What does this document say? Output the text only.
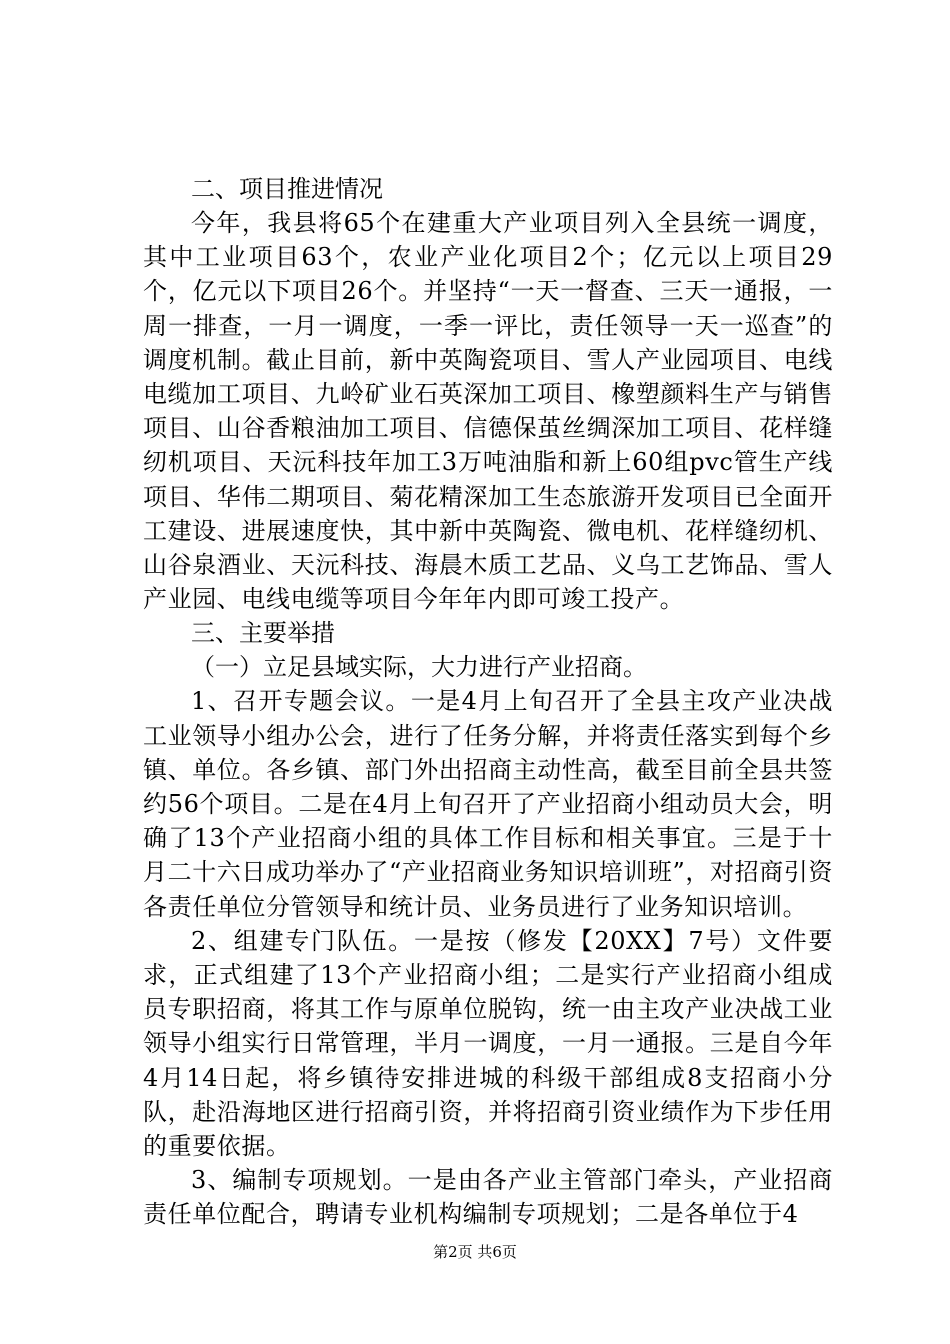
二、项目推进情况

今年，我县将65个在建重大产业项目列入全县统一调度，其中工业项目63个，农业产业化项目2个；亿元以上项目29个，亿元以下项目26个。并坚持“一天一督查、三天一通报，一周一排查，一月一调度，一季一评比，责任领导一天一巡查”的调度机制。截止目前，新中英陶瓷项目、雪人产业园项目、电线电缆加工项目、九岭矿业石英深加工项目、橡塑颜料生产与销售项目、山谷香粮油加工项目、信德保茧丝绸深加工项目、花样缝纫机项目、天沅科技年加工3万吨油脂和新上60组pvc管生产线项目、华伟二期项目、菊花精深加工生态旅游开发项目已全面开工建设、进展速度快，其中新中英陶瓷、微电机、花样缝纫机、山谷泉酒业、天沅科技、海晨木质工艺品、义乌工艺饰品、雪人产业园、电线电缆等项目今年年内即可竣工投产。

三、主要举措

（一）立足县域实际，大力进行产业招商。

1、召开专题会议。一是4月上旬召开了全县主攻产业决战工业领导小组办公会，进行了任务分解，并将责任落实到每个乡镇、单位。各乡镇、部门外出招商主动性高，截至目前全县共签约56个项目。二是在4月上旬召开了产业招商小组动员大会，明确了13个产业招商小组的具体工作目标和相关事宜。三是于十月二十六日成功举办了“产业招商业务知识培训班”，对招商引资各责任单位分管领导和统计员、业务员进行了业务知识培训。

2、组建专门队伍。一是按（修发【20XX】7号）文件要求，正式组建了13个产业招商小组；二是实行产业招商小组成员专职招商，将其工作与原单位脱钩，统一由主攻产业决战工业领导小组实行日常管理，半月一调度，一月一通报。三是自今年4月14日起，将乡镇待安排进城的科级干部组成8支招商小分队，赴沿海地区进行招商引资，并将招商引资业绩作为下步任用的重要依据。

3、编制专项规划。一是由各产业主管部门牵头，产业招商责任单位配合，聘请专业机构编制专项规划；二是各单位于4

第2页 共6页
